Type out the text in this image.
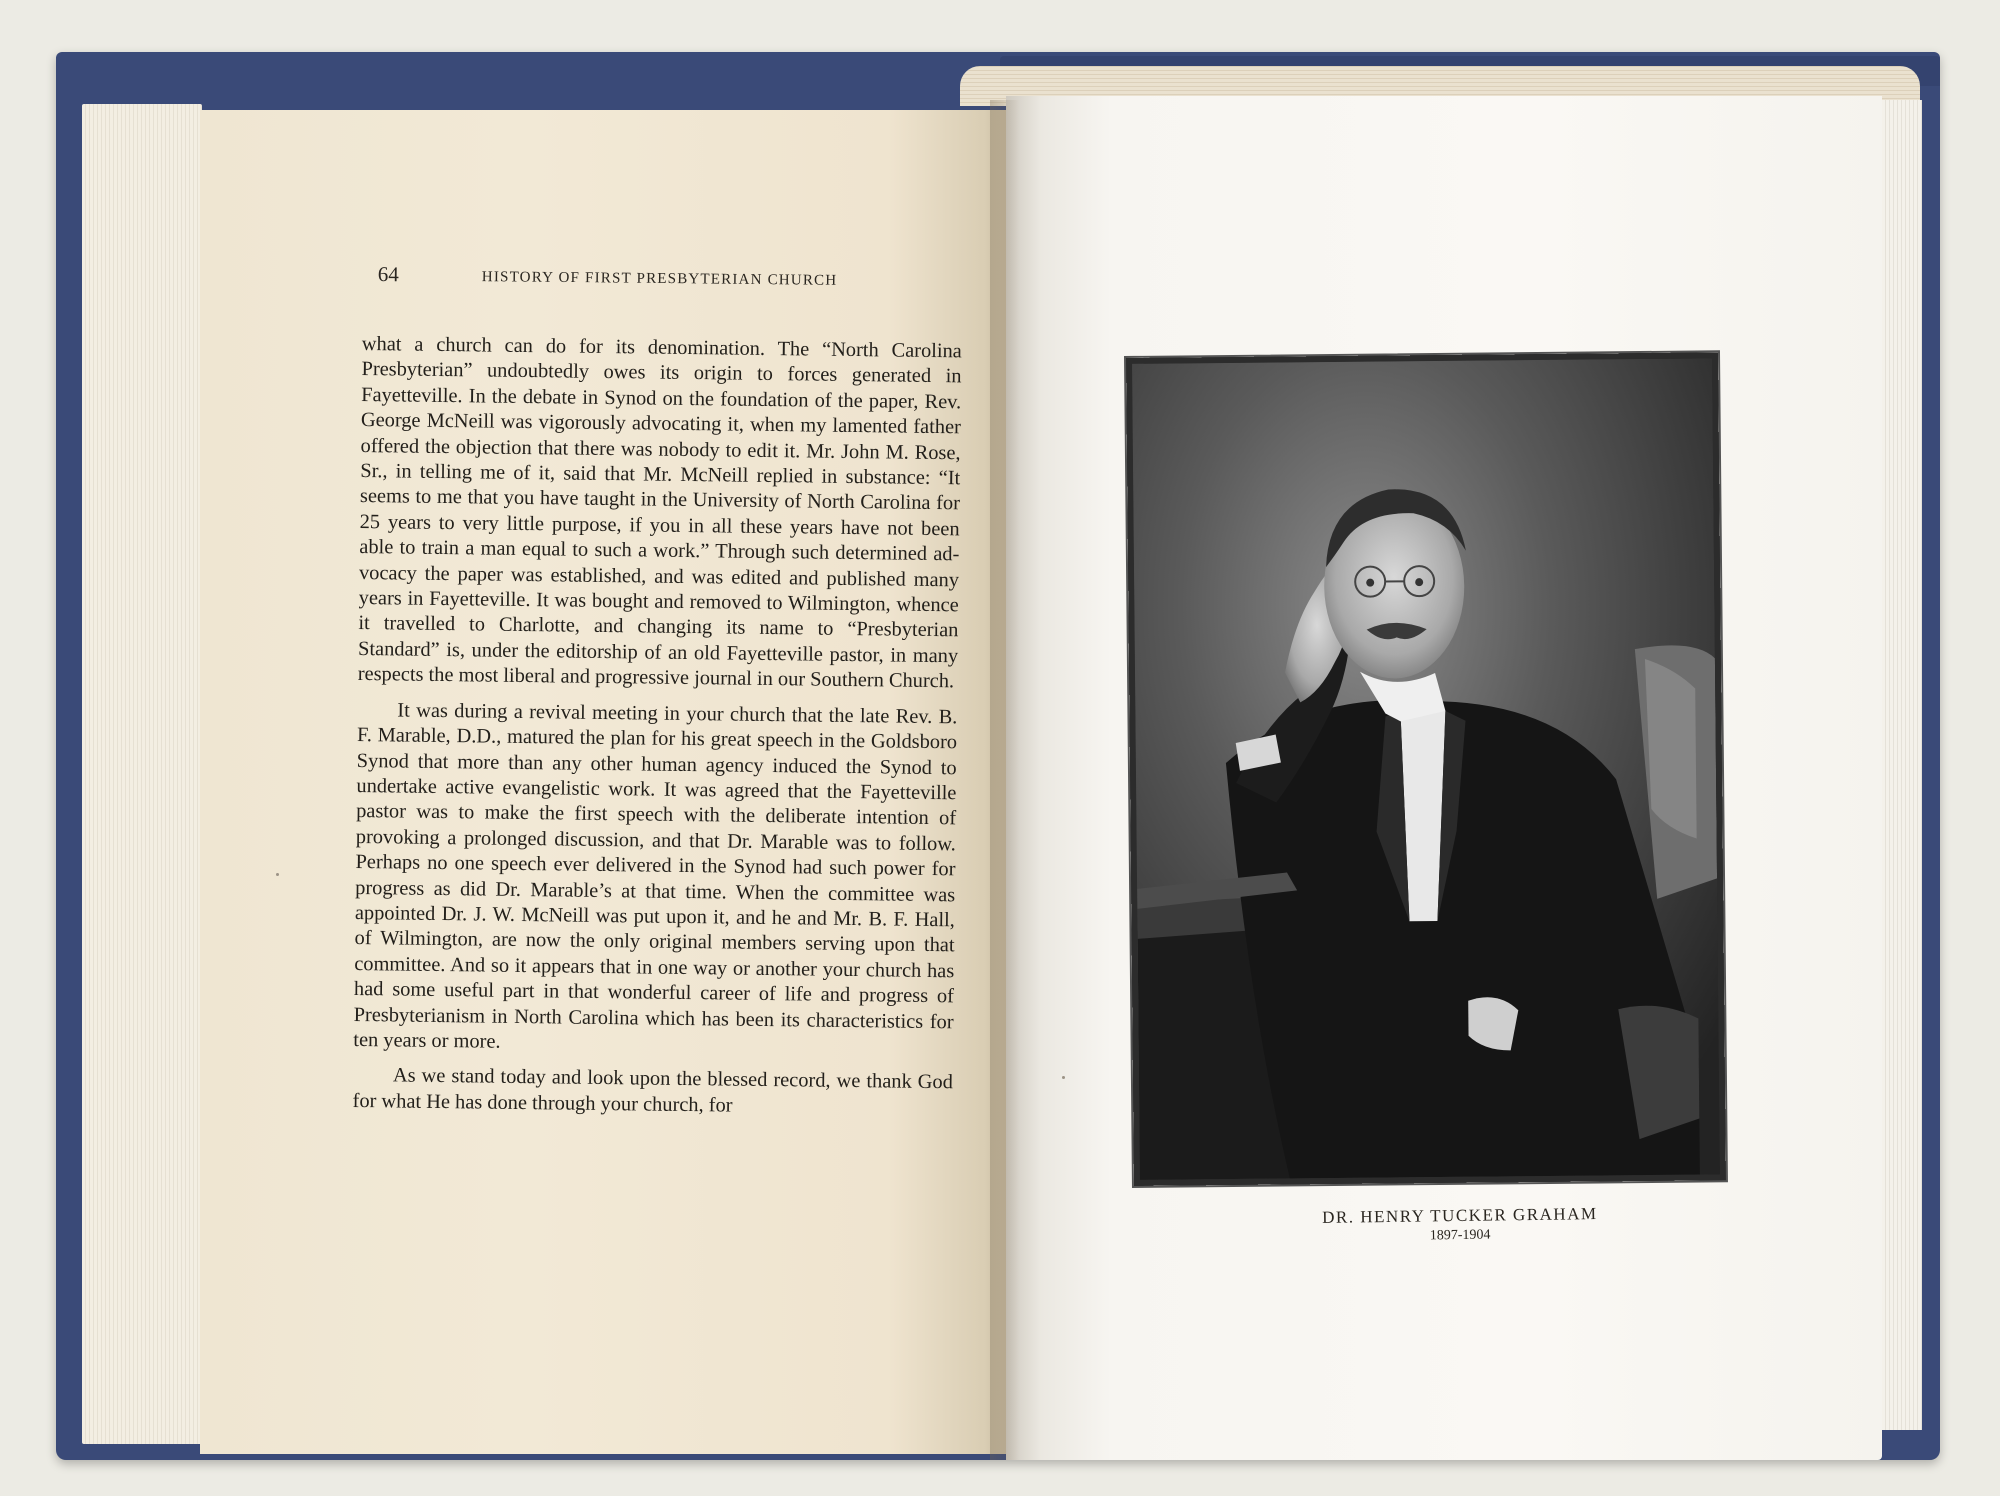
64	HISTORY OF FIRST PRESBYTERIAN CHURCH

what a church can do for its denomination. The “North Carolina Presbyterian” undoubtedly owes its origin to forces generated in Fayetteville. In the debate in Synod on the foundation of the paper, Rev. George McNeill was vigorously advocating it, when my lamented father offered the objection that there was nobody to edit it. Mr. John M. Rose, Sr., in telling me of it, said that Mr. McNeill replied in substance: “It seems to me that you have taught in the University of North Carolina for 25 years to very little purpose, if you in all these years have not been able to train a man equal to such a work.” Through such determined advocacy the paper was established, and was edited and published many years in Fayetteville. It was bought and removed to Wilmington, whence it travelled to Charlotte, and changing its name to “Presbyterian Standard” is, under the editorship of an old Fayetteville pastor, in many respects the most liberal and progressive journal in our Southern Church.

It was during a revival meeting in your church that the late Rev. B. F. Marable, D.D., matured the plan for his great speech in the Goldsboro Synod that more than any other human agency induced the Synod to undertake active evangelistic work. It was agreed that the Fayetteville pastor was to make the first speech with the deliberate intention of provoking a prolonged discussion, and that Dr. Marable was to follow. Perhaps no one speech ever delivered in the Synod had such power for progress as did Dr. Marable’s at that time. When the committee was appointed Dr. J. W. McNeill was put upon it, and he and Mr. B. F. Hall, of Wilmington, are now the only original members serving upon that committee. And so it appears that in one way or another your church has had some useful part in that wonderful career of life and progress of Presbyterianism in North Carolina which has been its characteristics for ten years or more.

As we stand today and look upon the blessed record, we thank God for what He has done through your church, for

DR. HENRY TUCKER GRAHAM
1897-1904
